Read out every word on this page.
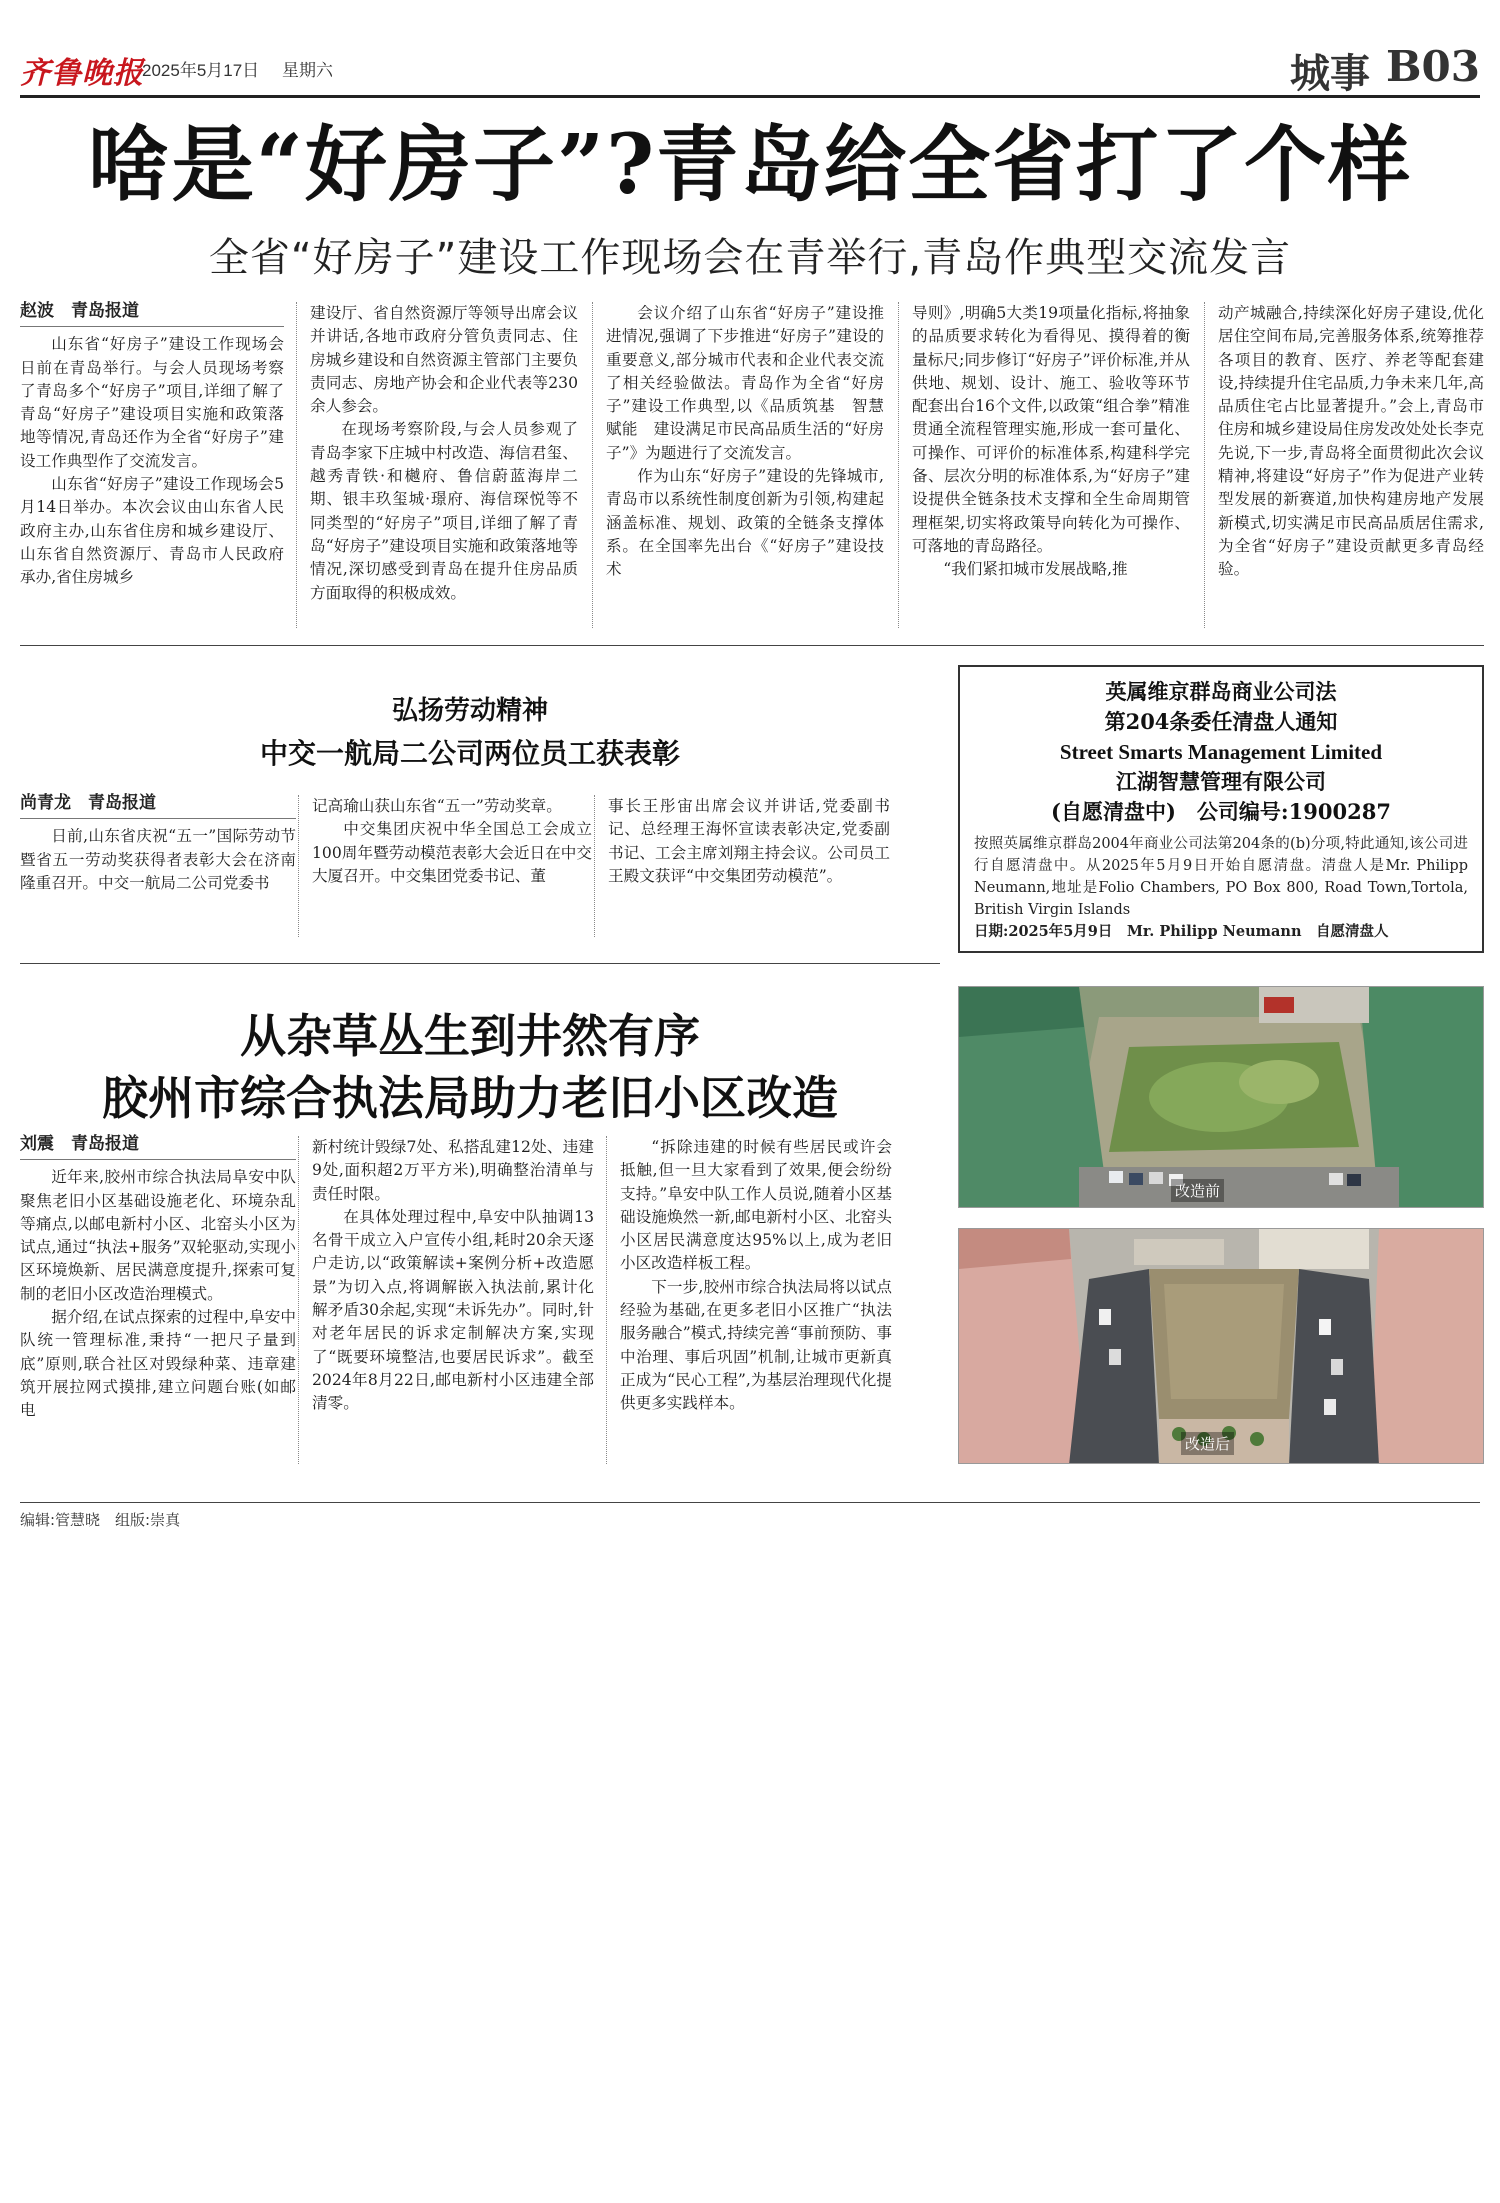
齐鲁晚报
2025年5月17日 星期六	城事 B03
啥是“好房子”?青岛给全省打了个样
全省“好房子”建设工作现场会在青举行,青岛作典型交流发言
赵波　青岛报道

山东省“好房子”建设工作现场会日前在青岛举行。与会人员现场考察了青岛多个“好房子”项目,详细了解了青岛“好房子”建设项目实施和政策落地等情况,青岛还作为全省“好房子”建设工作典型作了交流发言。

山东省“好房子”建设工作现场会5月14日举办。本次会议由山东省人民政府主办,山东省住房和城乡建设厅、山东省自然资源厅、青岛市人民政府承办,省住房城乡

建设厅、省自然资源厅等领导出席会议并讲话,各地市政府分管负责同志、住房城乡建设和自然资源主管部门主要负责同志、房地产协会和企业代表等230余人参会。

在现场考察阶段,与会人员参观了青岛李家下庄城中村改造、海信君玺、越秀青铁·和樾府、鲁信蔚蓝海岸二期、银丰玖玺城·璟府、海信琛悦等不同类型的“好房子”项目,详细了解了青岛“好房子”建设项目实施和政策落地等情况,深切感受到青岛在提升住房品质方面取得的积极成效。

会议介绍了山东省“好房子”建设推进情况,强调了下步推进“好房子”建设的重要意义,部分城市代表和企业代表交流了相关经验做法。青岛作为全省“好房子”建设工作典型,以《品质筑基　智慧赋能　建设满足市民高品质生活的“好房子”》为题进行了交流发言。

作为山东“好房子”建设的先锋城市,青岛市以系统性制度创新为引领,构建起涵盖标准、规划、政策的全链条支撑体系。在全国率先出台《“好房子”建设技术

导则》,明确5大类19项量化指标,将抽象的品质要求转化为看得见、摸得着的衡量标尺;同步修订“好房子”评价标准,并从供地、规划、设计、施工、验收等环节配套出台16个文件,以政策“组合拳”精准贯通全流程管理实施,形成一套可量化、可操作、可评价的标准体系,构建科学完备、层次分明的标准体系,为“好房子”建设提供全链条技术支撑和全生命周期管理框架,切实将政策导向转化为可操作、可落地的青岛路径。

“我们紧扣城市发展战略,推

动产城融合,持续深化好房子建设,优化居住空间布局,完善服务体系,统筹推荐各项目的教育、医疗、养老等配套建设,持续提升住宅品质,力争未来几年,高品质住宅占比显著提升。”会上,青岛市住房和城乡建设局住房发改处处长李克先说,下一步,青岛将全面贯彻此次会议精神,将建设“好房子”作为促进产业转型发展的新赛道,加快构建房地产发展新模式,切实满足市民高品质居住需求,为全省“好房子”建设贡献更多青岛经验。

弘扬劳动精神
中交一航局二公司两位员工获表彰
尚青龙　青岛报道

日前,山东省庆祝“五一”国际劳动节暨省五一劳动奖获得者表彰大会在济南隆重召开。中交一航局二公司党委书

记高瑜山获山东省“五一”劳动奖章。

中交集团庆祝中华全国总工会成立100周年暨劳动模范表彰大会近日在中交大厦召开。中交集团党委书记、董

事长王彤宙出席会议并讲话,党委副书记、总经理王海怀宣读表彰决定,党委副书记、工会主席刘翔主持会议。公司员工王殿文获评“中交集团劳动模范”。

英属维京群岛商业公司法
第204条委任清盘人通知
Street Smarts Management Limited
江湖智慧管理有限公司
(自愿清盘中)　公司编号:1900287
按照英属维京群岛2004年商业公司法第204条的(b)分项,特此通知,该公司进行自愿清盘中。从2025年5月9日开始自愿清盘。清盘人是Mr. Philipp Neumann,地址是Folio Chambers, PO Box 800, Road Town,Tortola, British Virgin Islands
日期:2025年5月9日　Mr. Philipp Neumann　自愿清盘人
从杂草丛生到井然有序
胶州市综合执法局助力老旧小区改造
刘震　青岛报道

近年来,胶州市综合执法局阜安中队聚焦老旧小区基础设施老化、环境杂乱等痛点,以邮电新村小区、北窑头小区为试点,通过“执法+服务”双轮驱动,实现小区环境焕新、居民满意度提升,探索可复制的老旧小区改造治理模式。

据介绍,在试点探索的过程中,阜安中队统一管理标准,秉持“一把尺子量到底”原则,联合社区对毁绿种菜、违章建筑开展拉网式摸排,建立问题台账(如邮电

新村统计毁绿7处、私搭乱建12处、违建9处,面积超2万平方米),明确整治清单与责任时限。

在具体处理过程中,阜安中队抽调13名骨干成立入户宣传小组,耗时20余天逐户走访,以“政策解读+案例分析+改造愿景”为切入点,将调解嵌入执法前,累计化解矛盾30余起,实现“未诉先办”。同时,针对老年居民的诉求定制解决方案,实现了“既要环境整洁,也要居民诉求”。截至2024年8月22日,邮电新村小区违建全部清零。

“拆除违建的时候有些居民或许会抵触,但一旦大家看到了效果,便会纷纷支持。”阜安中队工作人员说,随着小区基础设施焕然一新,邮电新村小区、北窑头小区居民满意度达95%以上,成为老旧小区改造样板工程。

下一步,胶州市综合执法局将以试点经验为基础,在更多老旧小区推广“执法服务融合”模式,持续完善“事前预防、事中治理、事后巩固”机制,让城市更新真正成为“民心工程”,为基层治理现代化提供更多实践样本。

改造前
改造后
编辑:管慧晓　组版:崇真
